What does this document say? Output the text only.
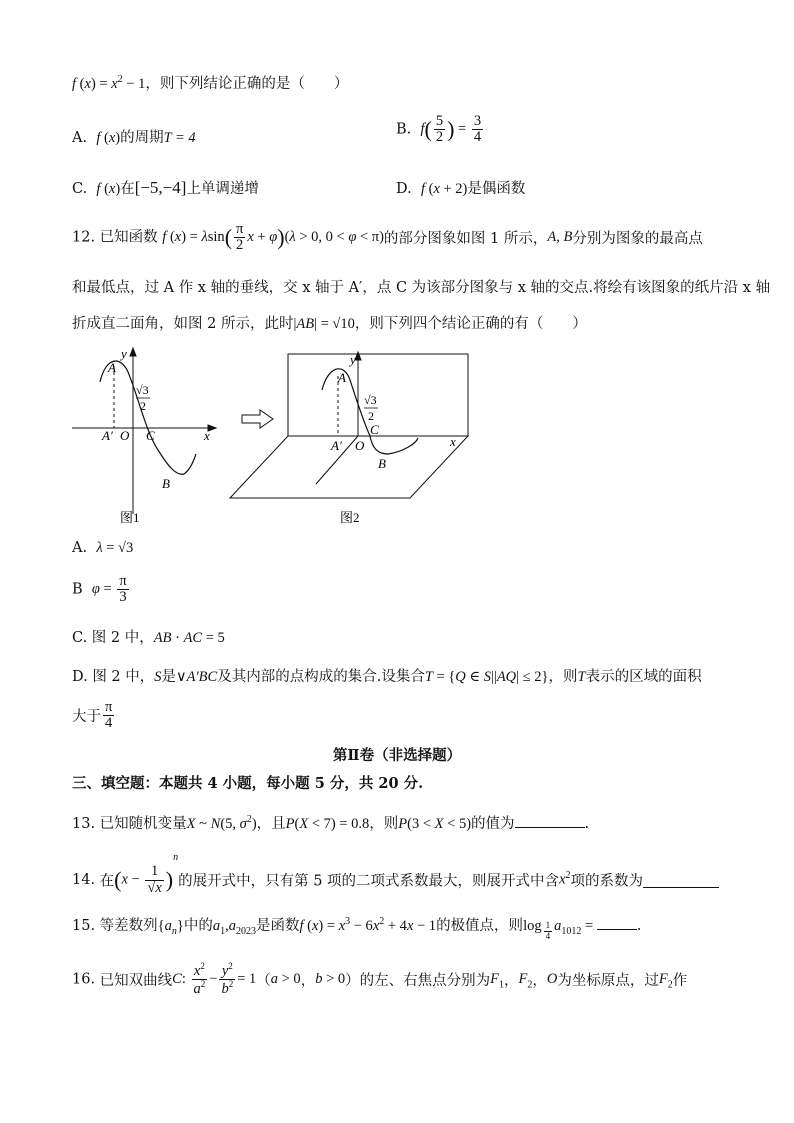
f $(x) = x^2 - 1$，则下列结论正确的是（　　）
A. f (x)的周期T = 4
B. $f( \frac{5}{2}$ ) = $\frac{3}{4}$
C. f (x)在[−5,−4]上单调递增	D. f (x + 2)是偶函数
12. 已知函数 f $(x) = \lambda\sin( \frac{\pi}{2}$ x + φ)(λ > 0, 0 < φ < π)的部分图象如图 1 所示，A, B分别为图象的最高点
和最低点，过 A 作 x 轴的垂线，交 x 轴于 A′，点 C 为该部分图象与 x 轴的交点.将绘有该图象的纸片沿 x 轴
折成直二面角，如图 2 所示，此时|AB| = √10，则下列四个结论正确的有（　　）
A
√3
2
A′ O C	x
y
B
图1
A
√3
2
C
A′ O	x
y
B
图2
A. λ = √3
B $\varphi = \frac{\pi}{3}$
C. 图 2 中，AB · AC = 5
D. 图 2 中，S是∨A′BC及其内部的点构成的集合.设集合T = {Q ∈ S||AQ| ≤ 2}，则T表示的区域的面积
大于 $\frac{\pi}{4}$
第Ⅱ卷（非选择题）
三、填空题：本题共 4 小题，每小题 5 分，共 20 分.
13. 已知随机变量X ~ N(5, $\sigma^2$)，且P(X < 7) = 0.8，则P(3 < X < 5)的值为	.
14. 在$(x - \frac{1}{√x} )^n$的展开式中，只有第 5 项的二项式系数最大，则展开式中含$x^2$项的系数为
15. 等差数列$\{a_n\}$中的$a_1,a_{2023}$是函数f $(x) = x^3 - 6x^2 + 4x - 1$的极值点，则log $_{\frac{1}{4}}$ $a_{1012}$ =	.
16. 已知双曲线C: $\frac{x^2}{a^2} - \frac{y^2}{b^2} = 1(a > 0$，b > 0）的左、右焦点分别为$F_1$，$F_2$，O为坐标原点，过$F_2$作
